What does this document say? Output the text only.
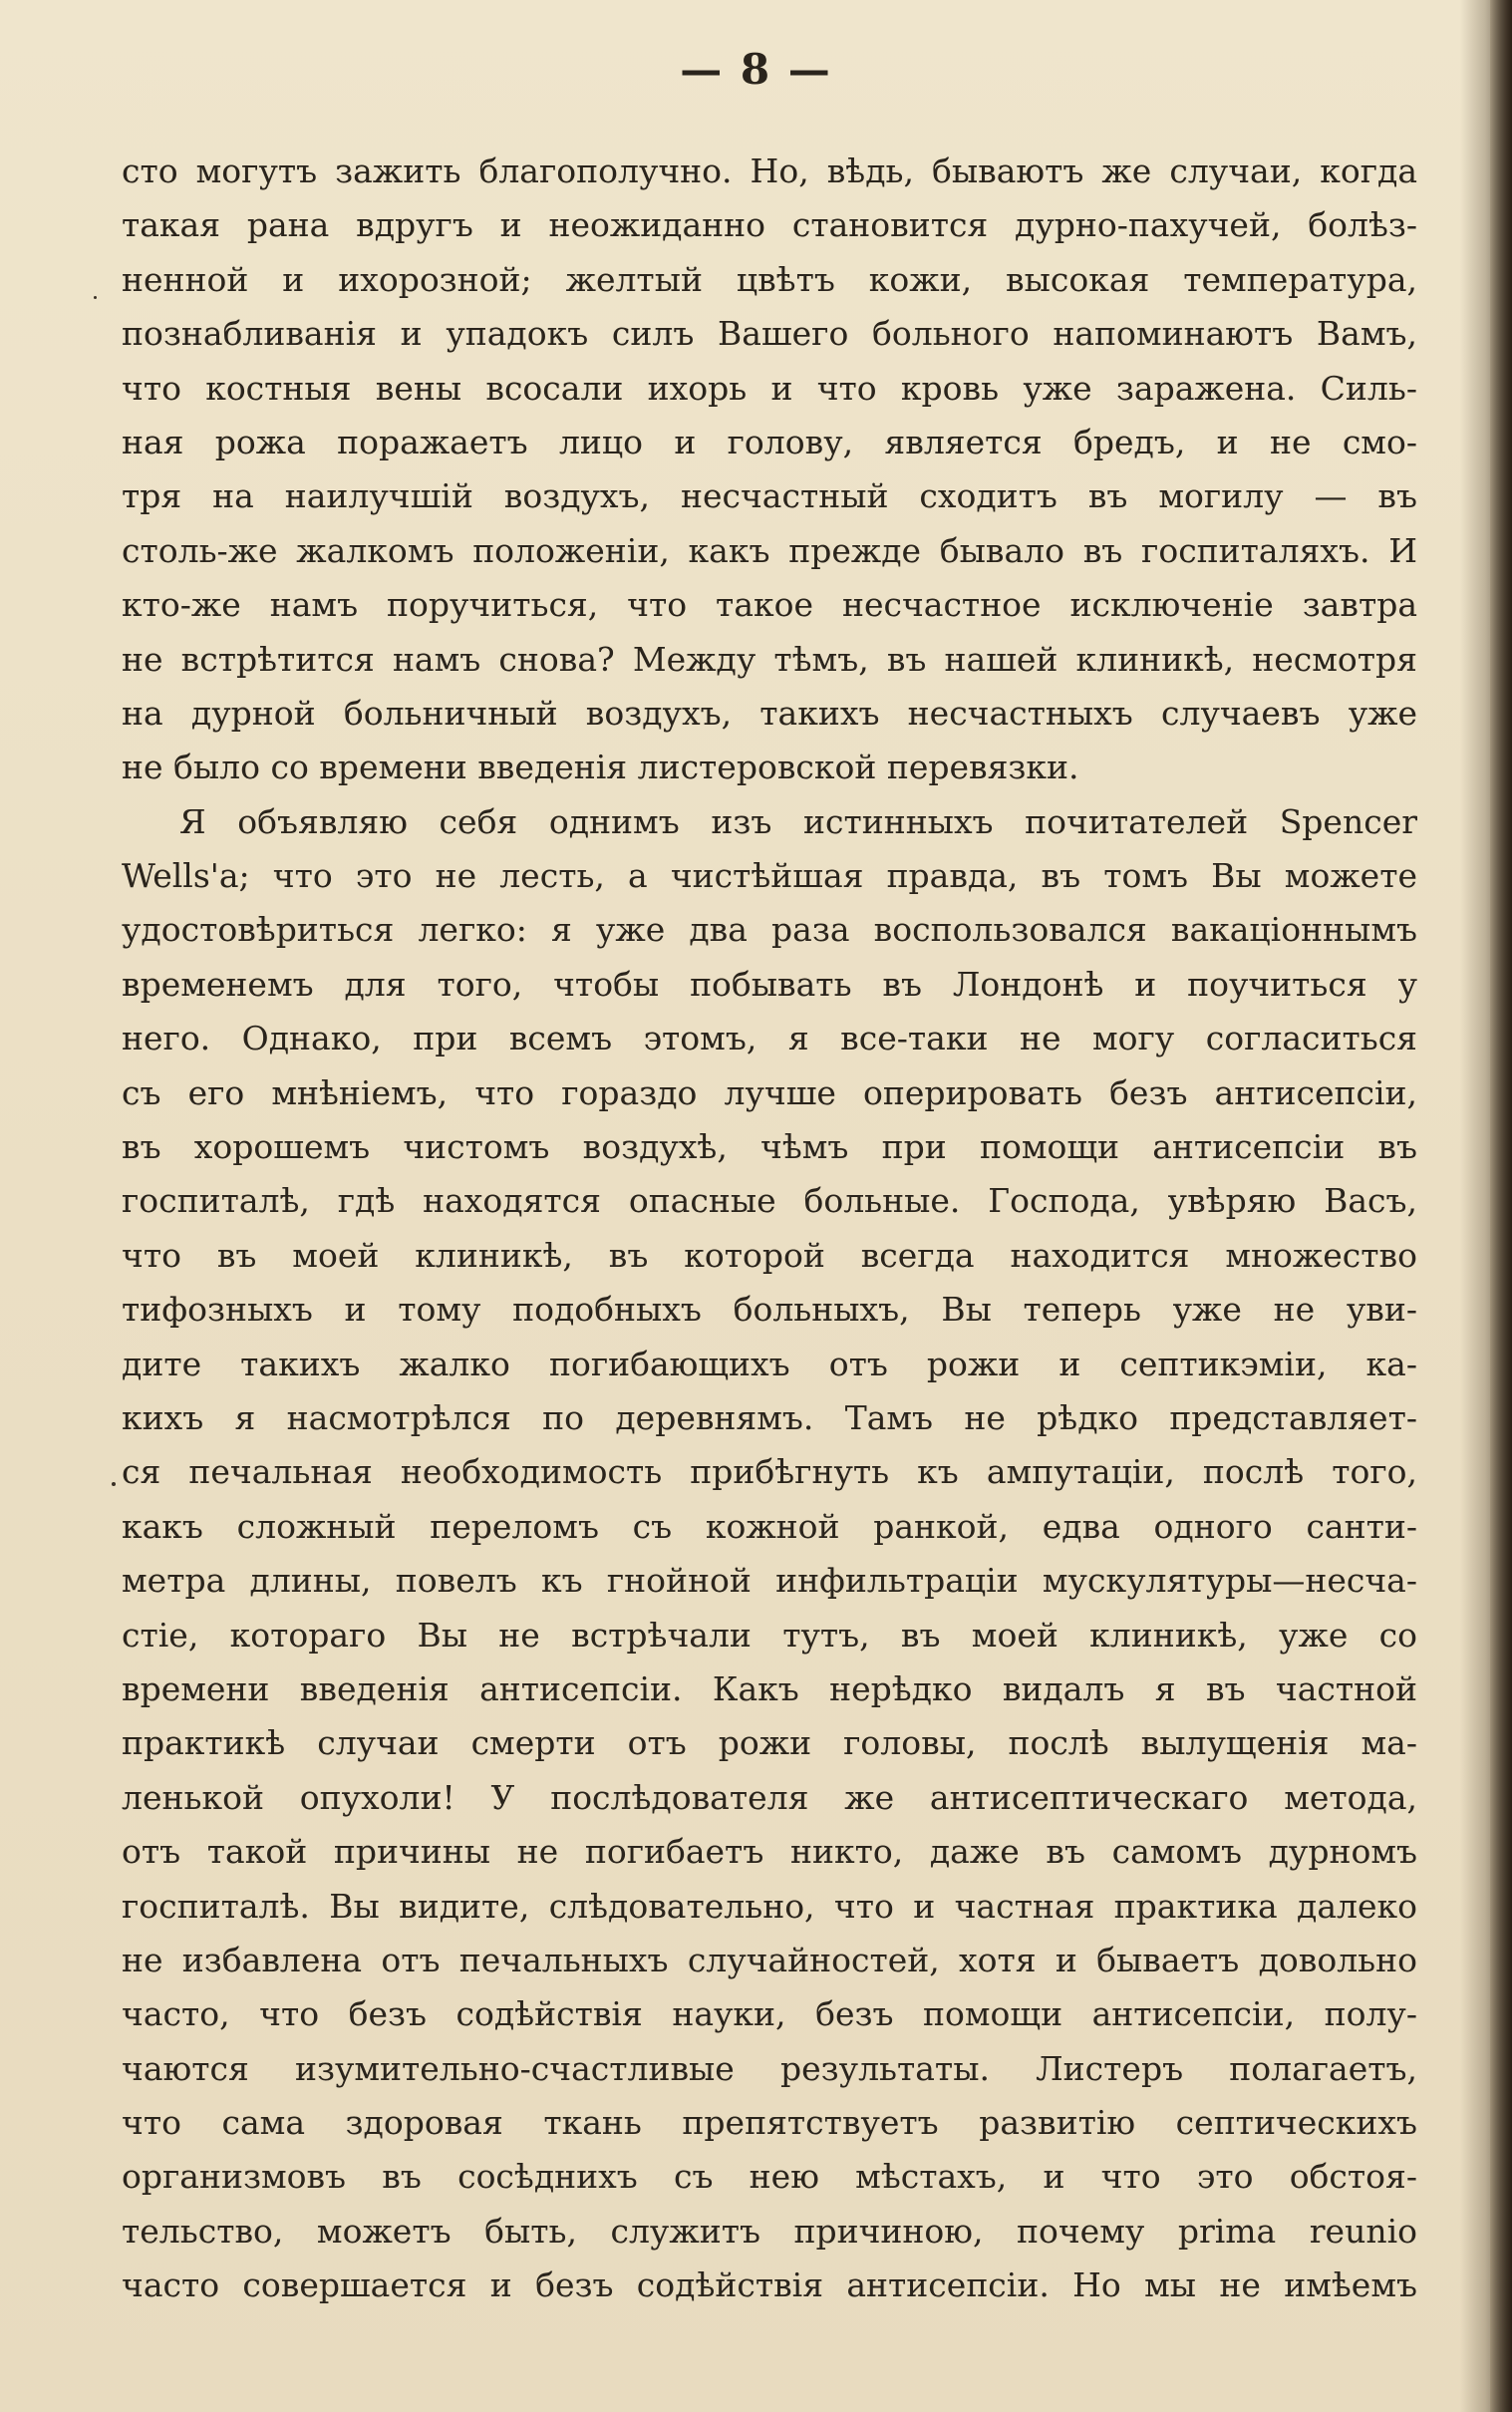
— 8 —

сто могутъ зажить благополучно. Но, вѣдь, бываютъ же случаи, когда
такая рана вдругъ и неожиданно становится дурно-пахучей, болѣз-
ненной и ихорозной; желтый цвѣтъ кожи, высокая температура,
познабливанія и упадокъ силъ Вашего больного напоминаютъ Вамъ,
что костныя вены всосали ихорь и что кровь уже заражена. Силь-
ная рожа поражаетъ лицо и голову, является бредъ, и не смо-
тря на наилучшій воздухъ, несчастный сходитъ въ могилу — въ
столь-же жалкомъ положеніи, какъ прежде бывало въ госпиталяхъ. И
кто-же намъ поручиться, что такое несчастное исключеніе завтра
не встрѣтится намъ снова? Между тѣмъ, въ нашей клиникѣ, несмотря
на дурной больничный воздухъ, такихъ несчастныхъ случаевъ уже
не было со времени введенія листеровской перевязки.
Я объявляю себя однимъ изъ истинныхъ почитателей Spencer
Wells'a; что это не лесть, а чистѣйшая правда, въ томъ Вы можете
удостовѣриться легко: я уже два раза воспользовался вакаціоннымъ
временемъ для того, чтобы побывать въ Лондонѣ и поучиться у
него. Однако, при всемъ этомъ, я все-таки не могу согласиться
съ его мнѣніемъ, что гораздо лучше оперировать безъ антисепсіи,
въ хорошемъ чистомъ воздухѣ, чѣмъ при помощи антисепсіи въ
госпиталѣ, гдѣ находятся опасные больные. Господа, увѣряю Васъ,
что въ моей клиникѣ, въ которой всегда находится множество
тифозныхъ и тому подобныхъ больныхъ, Вы теперь уже не уви-
дите такихъ жалко погибающихъ отъ рожи и септикэміи, ка-
кихъ я насмотрѣлся по деревнямъ. Тамъ не рѣдко представляет-
ся печальная необходимость прибѣгнуть къ ампутаціи, послѣ того,
какъ сложный переломъ съ кожной ранкой, едва одного санти-
метра длины, повелъ къ гнойной инфильтраціи мускулятуры—несча-
стіе, котораго Вы не встрѣчали тутъ, въ моей клиникѣ, уже со
времени введенія антисепсіи. Какъ нерѣдко видалъ я въ частной
практикѣ случаи смерти отъ рожи головы, послѣ вылущенія ма-
ленькой опухоли! У послѣдователя же антисептическаго метода,
отъ такой причины не погибаетъ никто, даже въ самомъ дурномъ
госпиталѣ. Вы видите, слѣдовательно, что и частная практика далеко
не избавлена отъ печальныхъ случайностей, хотя и бываетъ довольно
часто, что безъ содѣйствія науки, безъ помощи антисепсіи, полу-
чаются изумительно-счастливые результаты. Листеръ полагаетъ,
что сама здоровая ткань препятствуетъ развитію септическихъ
организмовъ въ сосѣднихъ съ нею мѣстахъ, и что это обстоя-
тельство, можетъ быть, служитъ причиною, почему prima reunio
часто совершается и безъ содѣйствія антисепсіи. Но мы не имѣемъ
